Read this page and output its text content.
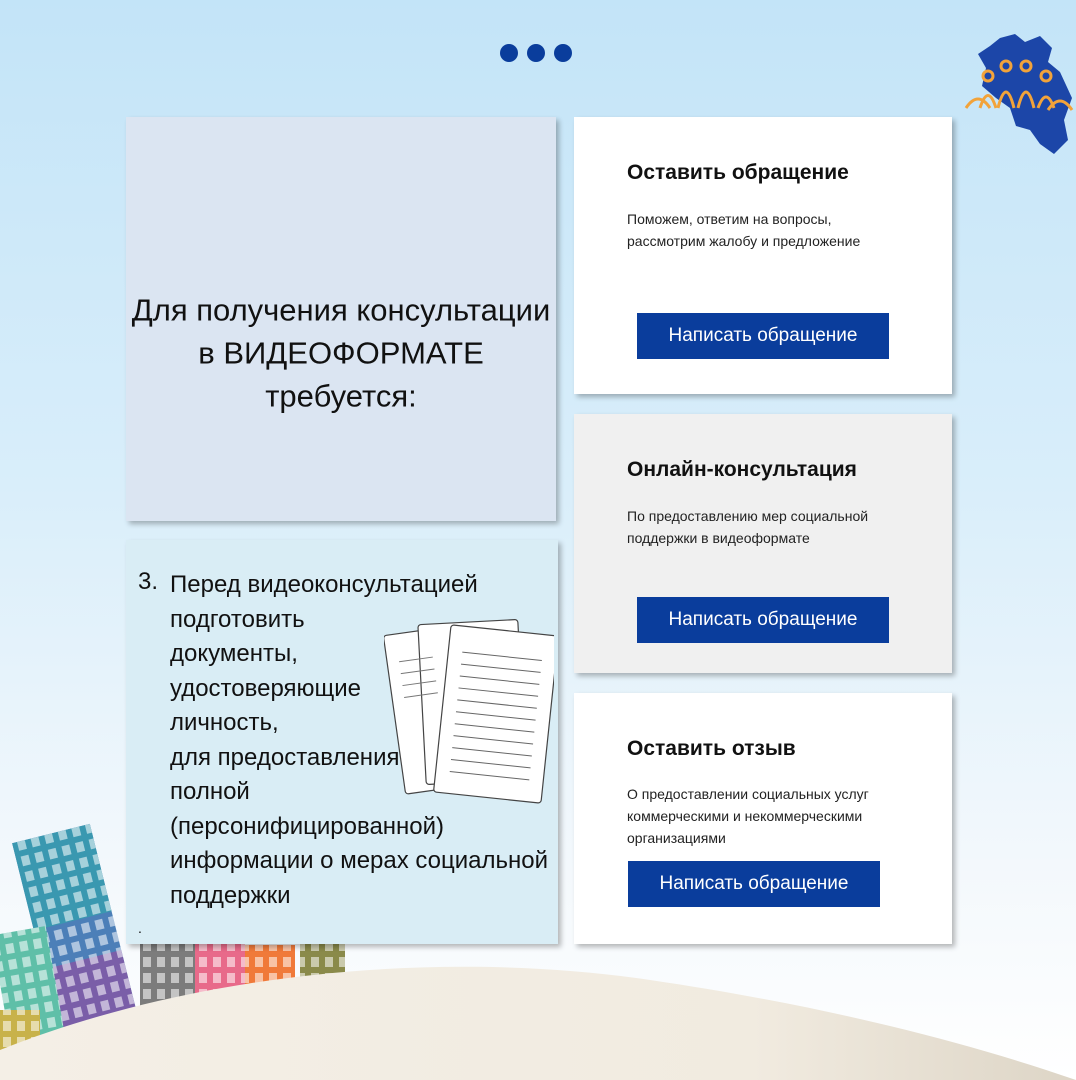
Для получения консультации в ВИДЕОФОРМАТЕ требуется:
3. Перед видеоконсультацией
подготовить
документы,
удостоверяющие
личность,
для предоставления
полной
(персонифицированной)
информации о мерах социальной
поддержки
.
Оставить обращение
Поможем, ответим на вопросы,
рассмотрим жалобу и предложение
Написать обращение
Онлайн-консультация
По предоставлению мер социальной
поддержки в видеоформате
Написать обращение
Оставить отзыв
О предоставлении социальных услуг
коммерческими и некоммерческими
организациями
Написать обращение
